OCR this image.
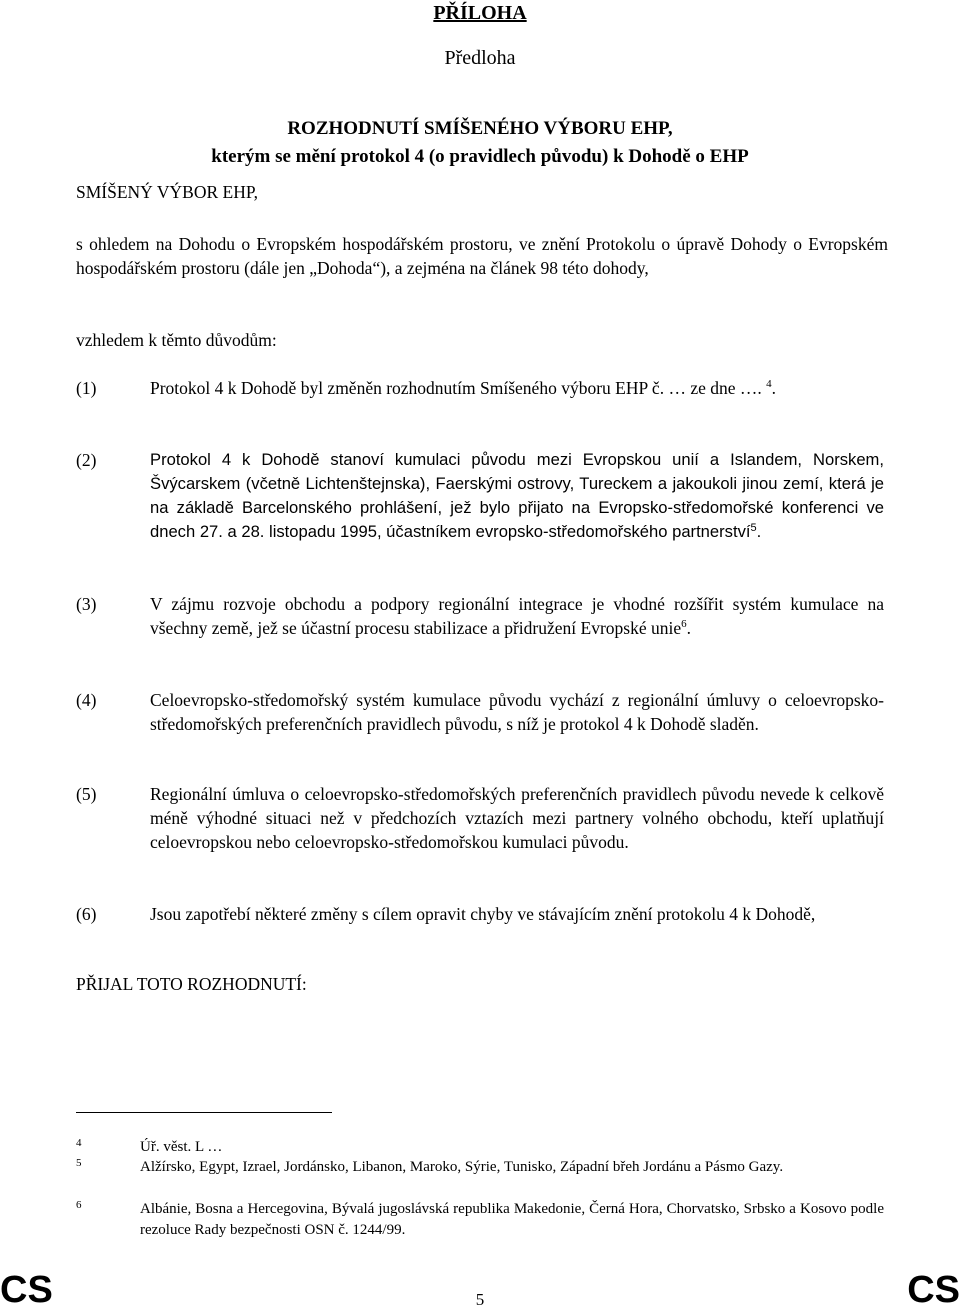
PŘÍLOHA
Předloha
ROZHODNUTÍ SMÍŠENÉHO VÝBORU EHP,
kterým se mění protokol 4 (o pravidlech původu) k Dohodě o EHP
SMÍŠENÝ VÝBOR EHP,
s ohledem na Dohodu o Evropském hospodářském prostoru, ve znění Protokolu o úpravě Dohody o Evropském hospodářském prostoru (dále jen „Dohoda“), a zejména na článek 98 této dohody,
vzhledem k těmto důvodům:
(1)	Protokol 4 k Dohodě byl změněn rozhodnutím Smíšeného výboru EHP č. … ze dne …. $^4$.
(2)	Protokol 4 k Dohodě stanoví kumulaci původu mezi Evropskou unií a Islandem, Norskem, Švýcarskem (včetně Lichtenštejnska), Faerskými ostrovy, Tureckem a jakoukoli jinou zemí, která je na základě Barcelonského prohlášení, jež bylo přijato na Evropsko-středomořské konferenci ve dnech 27. a 28. listopadu 1995, účastníkem evropsko-středomořského partnerství$^5$.
(3)	V zájmu rozvoje obchodu a podpory regionální integrace je vhodné rozšířit systém kumulace na všechny země, jež se účastní procesu stabilizace a přidružení Evropské unie$^6$.
(4)	Celoevropsko-středomořský systém kumulace původu vychází z regionální úmluvy o celoevropsko-středomořských preferenčních pravidlech původu, s níž je protokol 4 k Dohodě sladěn.
(5)	Regionální úmluva o celoevropsko-středomořských preferenčních pravidlech původu nevede k celkově méně výhodné situaci než v předchozích vztazích mezi partnery volného obchodu, kteří uplatňují celoevropskou nebo celoevropsko-středomořskou kumulaci původu.
(6)	Jsou zapotřebí některé změny s cílem opravit chyby ve stávajícím znění protokolu 4 k Dohodě,
PŘIJAL TOTO ROZHODNUTÍ:
4	Úř. věst. L …
5	Alžírsko, Egypt, Izrael, Jordánsko, Libanon, Maroko, Sýrie, Tunisko, Západní břeh Jordánu a Pásmo Gazy.
6	Albánie, Bosna a Hercegovina, Bývalá jugoslávská republika Makedonie, Černá Hora, Chorvatsko, Srbsko a Kosovo podle rezoluce Rady bezpečnosti OSN č. 1244/99.
CS	5	CS
